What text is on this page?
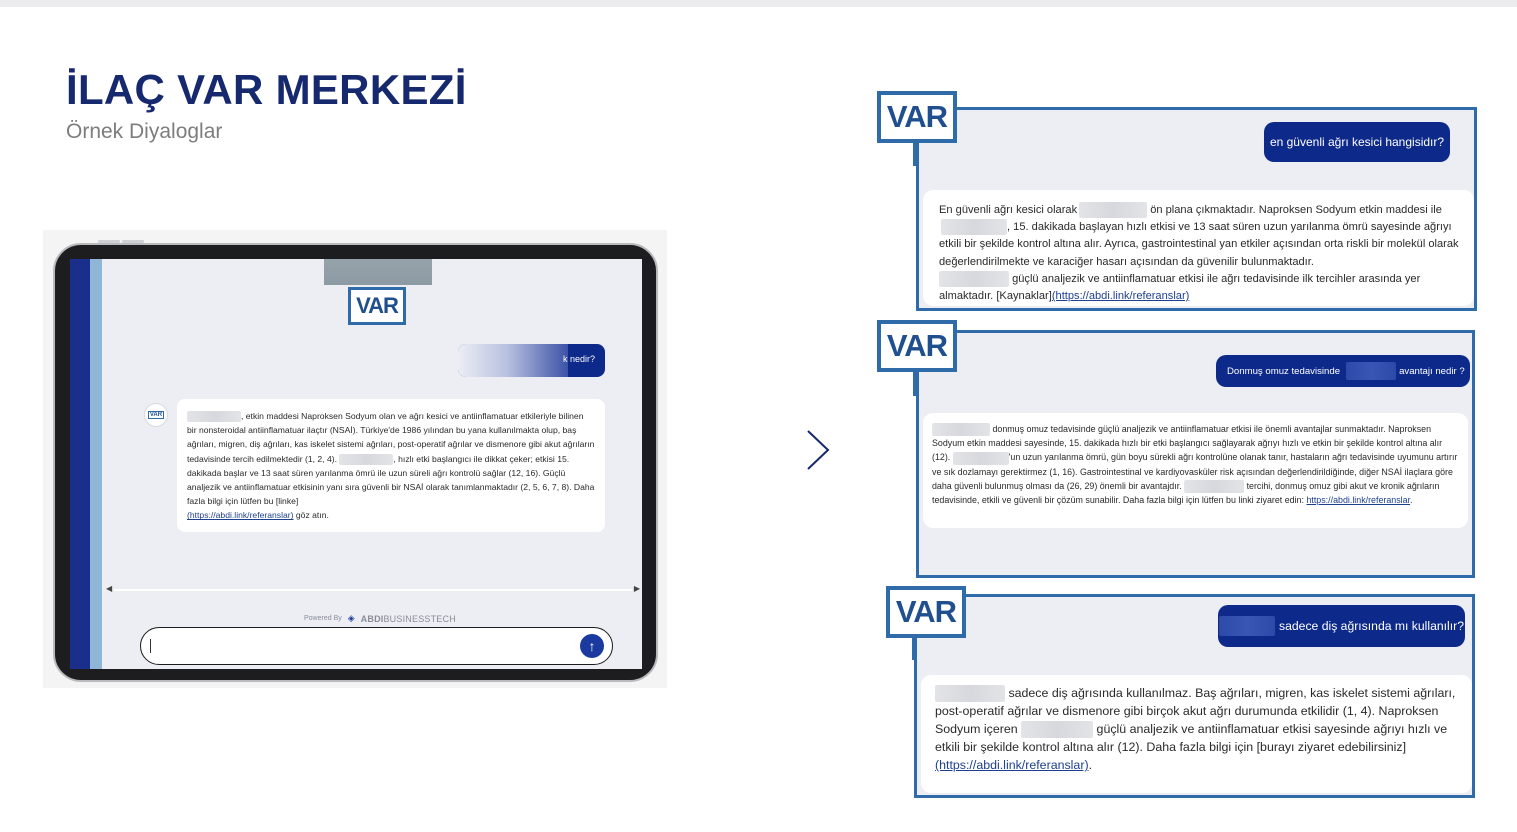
İLAÇ VAR MERKEZİ
Örnek Diyaloglar
VAR
k nedir?
VAR	, etkin maddesi Naproksen Sodyum olan ve ağrı kesici ve antiinflamatuar etkileriyle bilinen bir nonsteroidal antiinflamatuar ilaçtır (NSAİ). Türkiye'de 1986 yılından bu yana kullanılmakta olup, baş ağrıları, migren, diş ağrıları, kas iskelet sistemi ağrıları, post-operatif ağrılar ve dismenore gibi akut ağrıların tedavisinde tercih edilmektedir (1, 2, 4).	, hızlı etki başlangıcı ile dikkat çeker; etkisi 15. dakikada başlar ve 13 saat süren yarılanma ömrü ile uzun süreli ağrı kontrolü sağlar (12, 16). Güçlü analjezik ve antiinflamatuar etkisinin yanı sıra güvenli bir NSAİ olarak tanımlanmaktadır (2, 5, 6, 7, 8). Daha fazla bilgi için lütfen bu [linke]
(https://abdi.link/referanslar) göz atın.
◀	▶
Powered By ◈ ABDIBUSINESSTECH
↑
en güvenli ağrı kesici hangisidır?
En güvenli ağrı kesici olarak	ön plana çıkmaktadır. Naproksen Sodyum etkin maddesi ile, 15. dakikada başlayan hızlı etkisi ve 13 saat süren uzun yarılanma ömrü sayesinde ağrıyı etkili bir şekilde kontrol altına alır. Ayrıca, gastrointestinal yan etkiler açısından orta riskli bir molekül olarak değerlendirilmekte ve karaciğer hasarı açısından da güvenilir bulunmaktadır.
güçlü analjezik ve antiinflamatuar etkisi ile ağrı tedavisinde ilk tercihler arasında yer almaktadır. [Kaynaklar](https://abdi.link/referanslar)
VAR
Donmuş omuz tedavisinde	avantajı nedir ?
donmuş omuz tedavisinde güçlü analjezik ve antiinflamatuar etkisi ile önemli avantajlar sunmaktadır. Naproksen Sodyum etkin maddesi sayesinde, 15. dakikada hızlı bir etki başlangıcı sağlayarak ağrıyı hızlı ve etkin bir şekilde kontrol altına alır (12).	'un uzun yarılanma ömrü, gün boyu sürekli ağrı kontrolüne olanak tanır, hastaların ağrı tedavisinde uyumunu artırır ve sık dozlamayı gerektirmez (1, 16). Gastrointestinal ve kardiyovasküler risk açısından değerlendirildiğinde, diğer NSAİ ilaçlara göre daha güvenli bulunmuş olması da (26, 29) önemli bir avantajdır.	tercihi, donmuş omuz gibi akut ve kronik ağrıların tedavisinde, etkili ve güvenli bir çözüm sunabilir. Daha fazla bilgi için lütfen bu linki ziyaret edin: https://abdi.link/referanslar.
VAR
sadece diş ağrısında mı kullanılır?
sadece diş ağrısında kullanılmaz. Baş ağrıları, migren, kas iskelet sistemi ağrıları, post-operatif ağrılar ve dismenore gibi birçok akut ağrı durumunda etkilidir (1, 4). Naproksen Sodyum içeren	güçlü analjezik ve antiinflamatuar etkisi sayesinde ağrıyı hızlı ve etkili bir şekilde kontrol altına alır (12). Daha fazla bilgi için [burayı ziyaret edebilirsiniz]
(https://abdi.link/referanslar).
VAR
